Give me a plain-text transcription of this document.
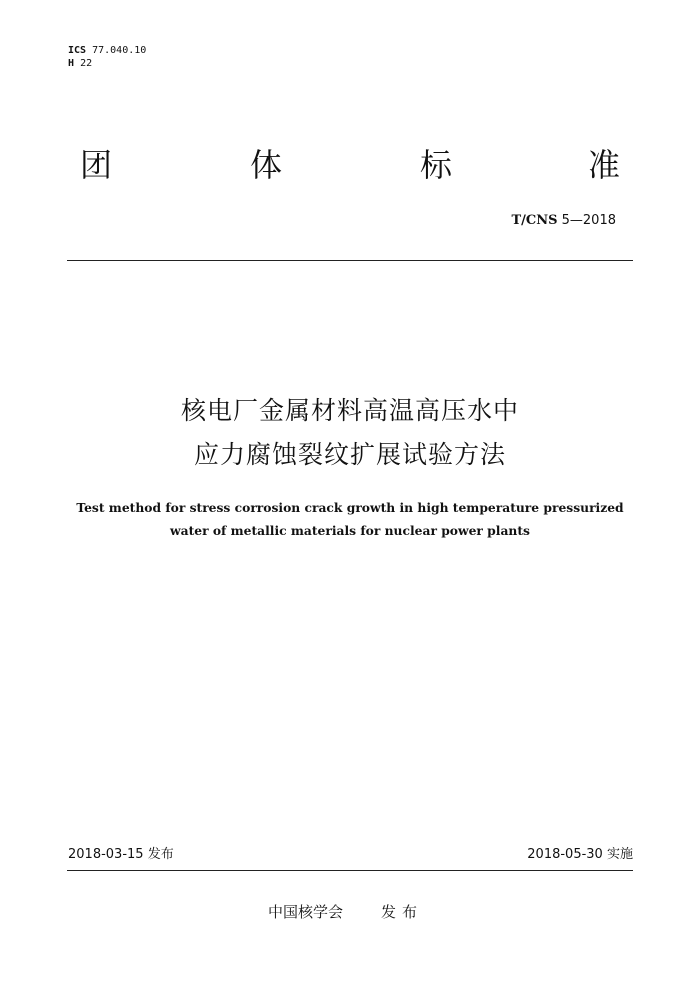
ICS 77.040.10
H 22
团	体	标	准
T/CNS 5—2018
核电厂金属材料高温高压水中
应力腐蚀裂纹扩展试验方法
Test method for stress corrosion crack growth in high temperature pressurized
water of metallic materials for nuclear power plants
2018-03-15 发布	2018-05-30 实施
中国核学会	发布
